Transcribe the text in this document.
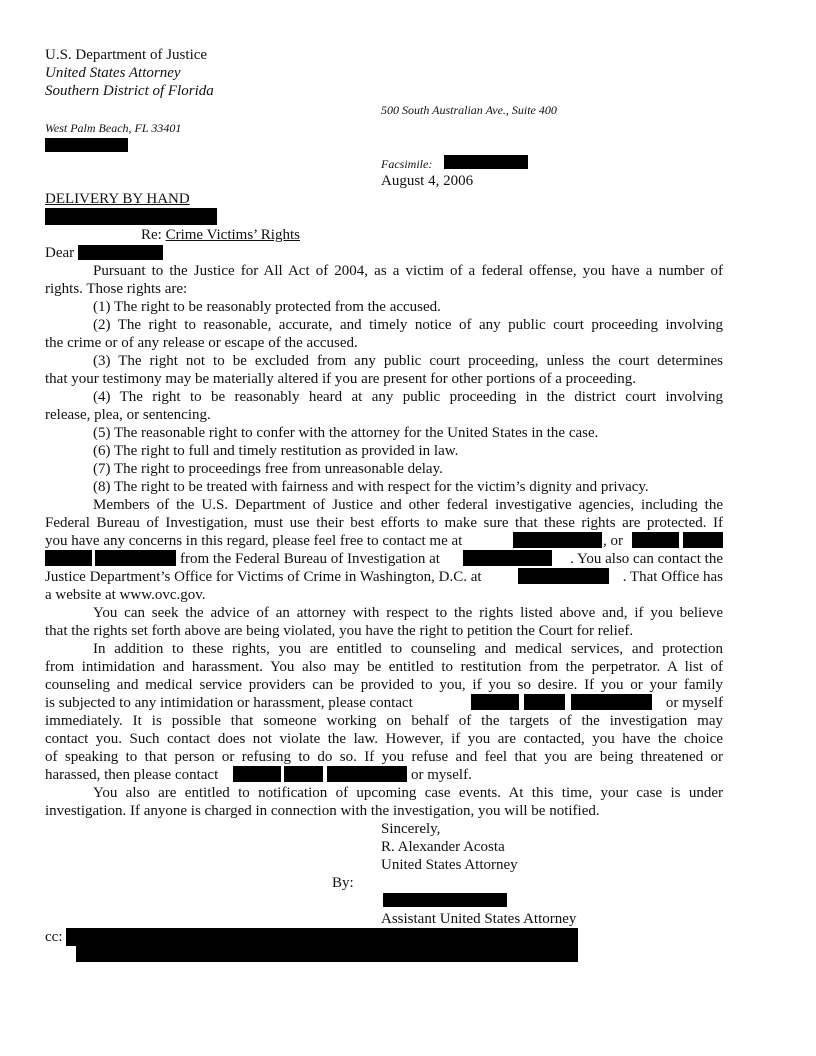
U.S. Department of Justice
United States Attorney
Southern District of Florida
500 South Australian Ave., Suite 400
West Palm Beach, FL 33401
Facsimile:
August 4, 2006
DELIVERY BY HAND
Re: Crime Victims’ Rights
Dear
Pursuant to the Justice for All Act of 2004, as a victim of a federal offense, you have a number of
rights. Those rights are:
(1) The right to be reasonably protected from the accused.
(2) The right to reasonable, accurate, and timely notice of any public court proceeding involving
the crime or of any release or escape of the accused.
(3) The right not to be excluded from any public court proceeding, unless the court determines
that your testimony may be materially altered if you are present for other portions of a proceeding.
(4) The right to be reasonably heard at any public proceeding in the district court involving
release, plea, or sentencing.
(5) The reasonable right to confer with the attorney for the United States in the case.
(6) The right to full and timely restitution as provided in law.
(7) The right to proceedings free from unreasonable delay.
(8) The right to be treated with fairness and with respect for the victim’s dignity and privacy.
Members of the U.S. Department of Justice and other federal investigative agencies, including the
Federal Bureau of Investigation, must use their best efforts to make sure that these rights are protected. If
you have any concerns in this regard, please feel free to contact me at	, or
from the Federal Bureau of Investigation at	. You also can contact the
Justice Department’s Office for Victims of Crime in Washington, D.C. at	. That Office has
a website at www.ovc.gov.
You can seek the advice of an attorney with respect to the rights listed above and, if you believe
that the rights set forth above are being violated, you have the right to petition the Court for relief.
In addition to these rights, you are entitled to counseling and medical services, and protection
from intimidation and harassment. You also may be entitled to restitution from the perpetrator. A list of
counseling and medical service providers can be provided to you, if you so desire. If you or your family
is subjected to any intimidation or harassment, please contact	or myself
immediately. It is possible that someone working on behalf of the targets of the investigation may
contact you. Such contact does not violate the law. However, if you are contacted, you have the choice
of speaking to that person or refusing to do so. If you refuse and feel that you are being threatened or
harassed, then please contact	or myself.
You also are entitled to notification of upcoming case events. At this time, your case is under
investigation. If anyone is charged in connection with the investigation, you will be notified.
Sincerely,
R. Alexander Acosta
United States Attorney
By:
Assistant United States Attorney
cc:
